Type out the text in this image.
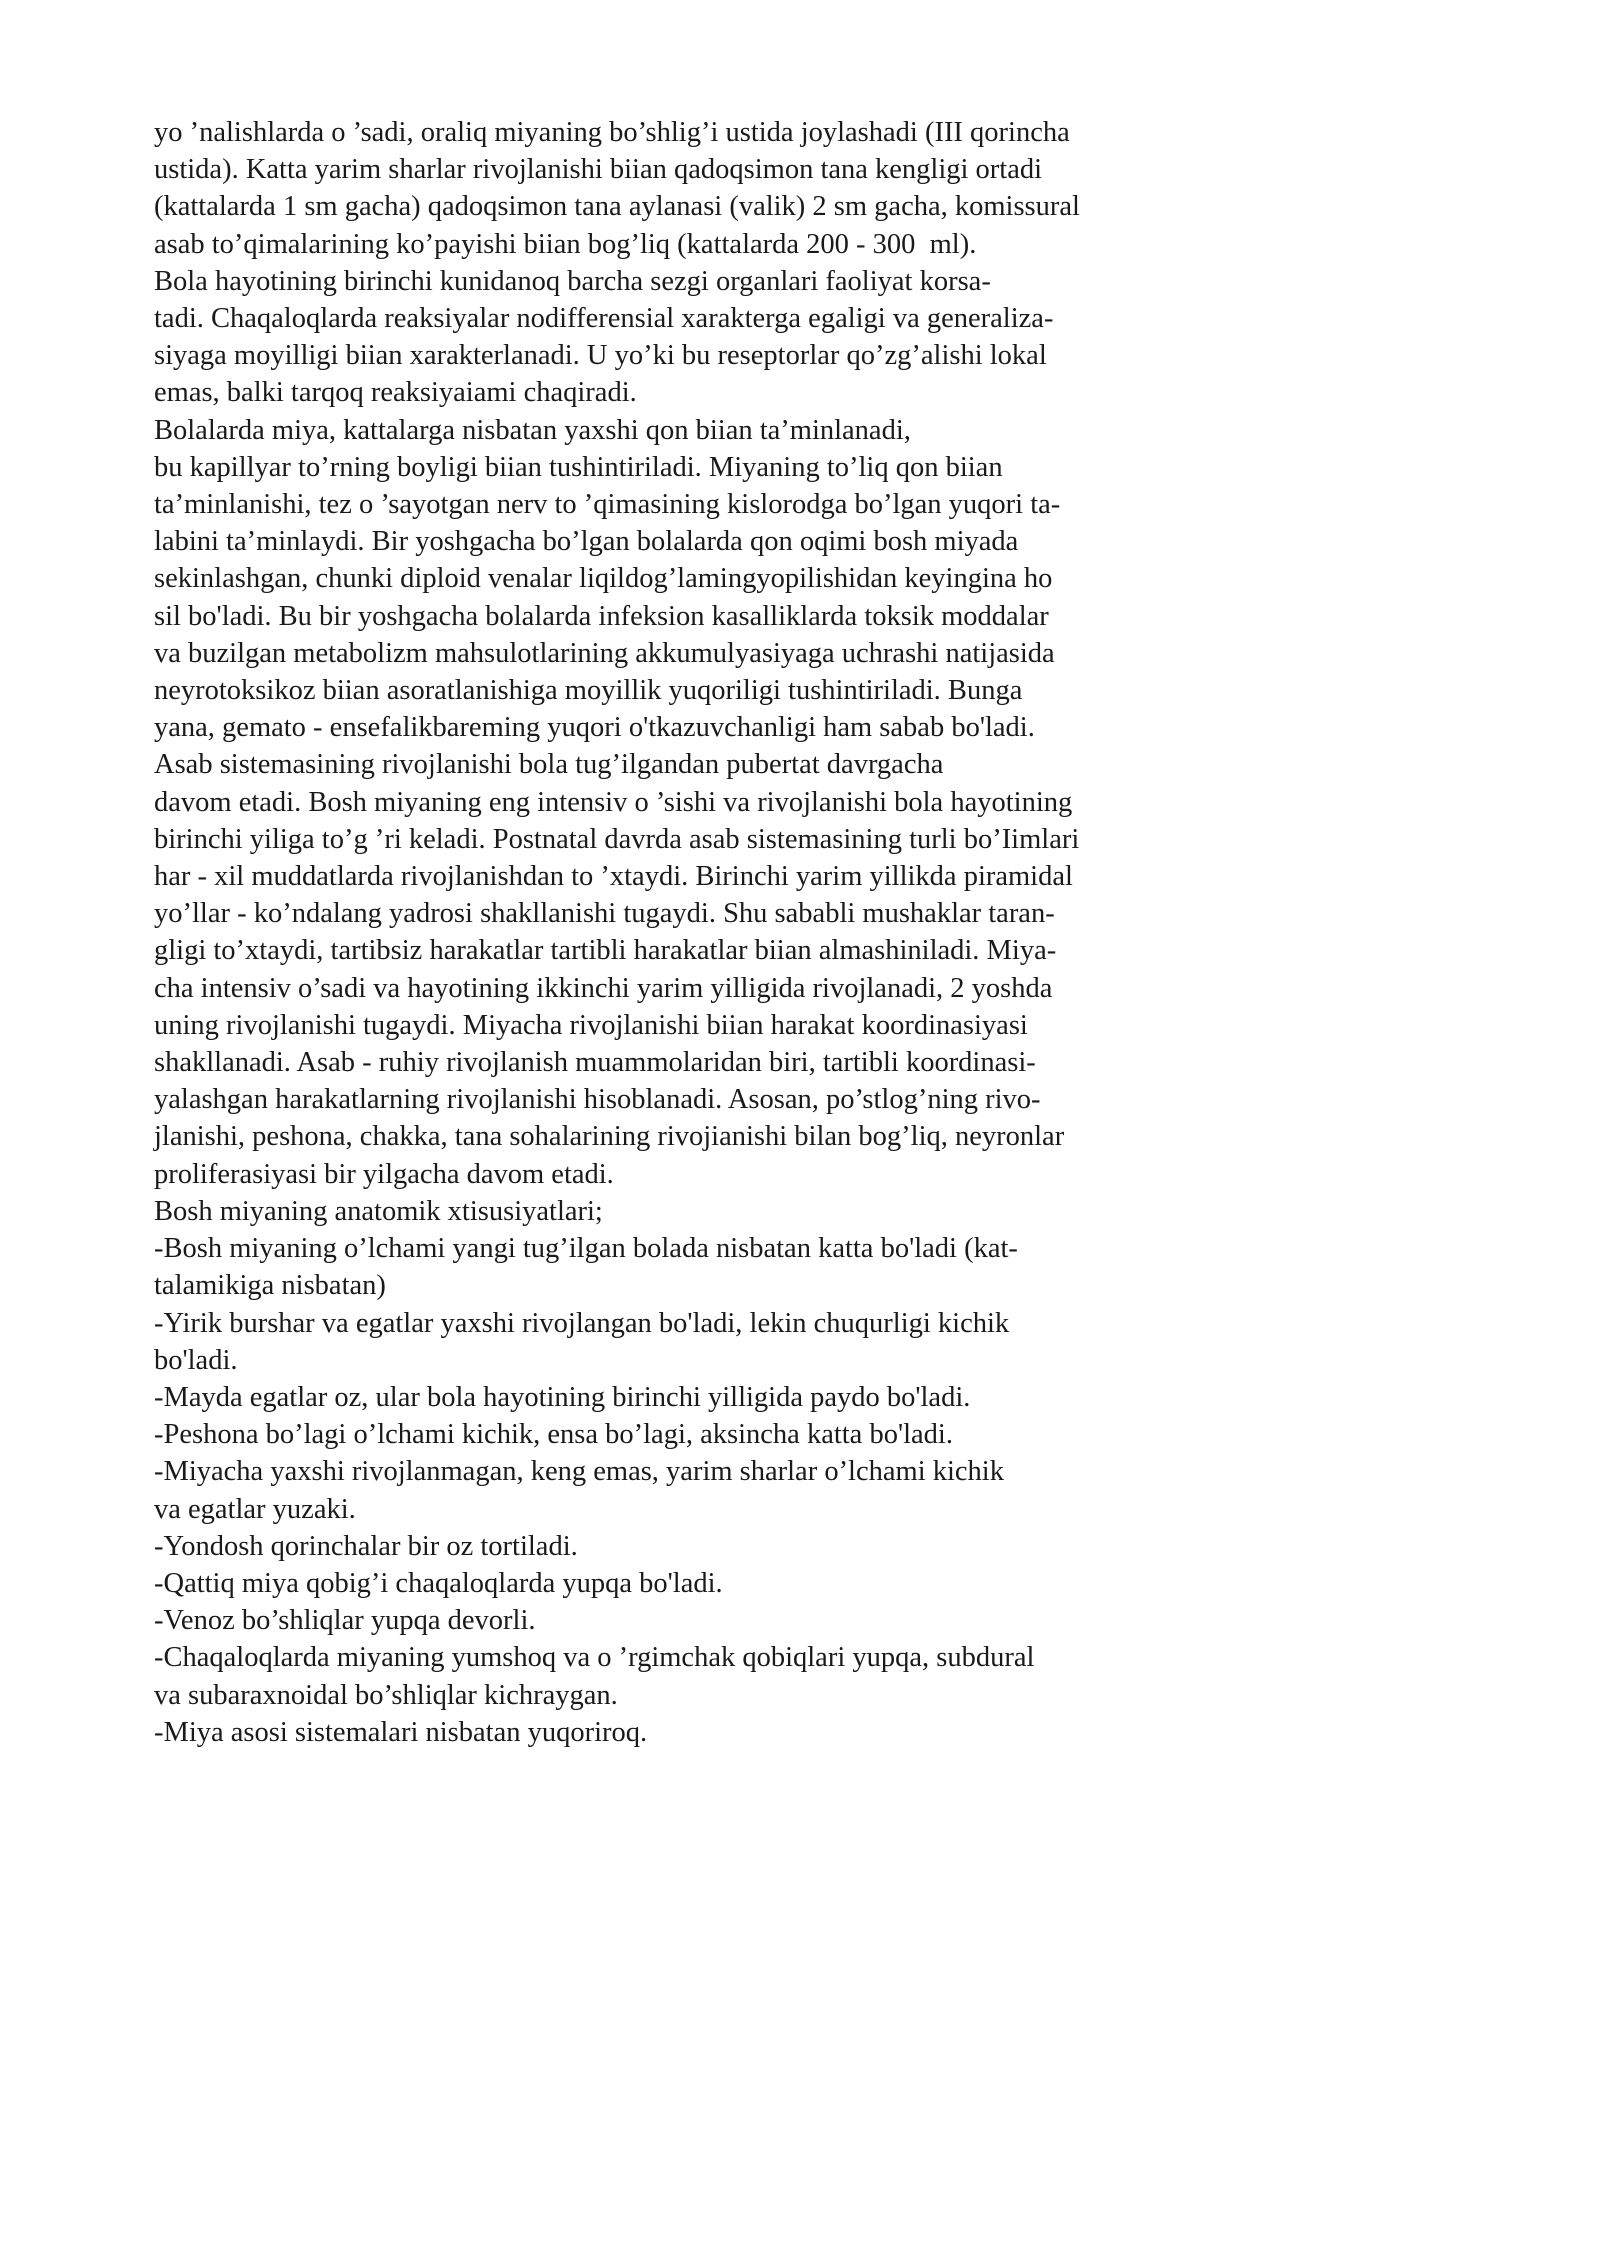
yo ’nalishlarda o ’sadi, oraliq miyaning bo’shlig’i ustida joylashadi (III qorincha
ustida). Katta yarim sharlar rivojlanishi biian qadoqsimon tana kengligi ortadi
(kattalarda 1 sm gacha) qadoqsimon tana aylanasi (valik) 2 sm gacha, komissural
asab to’qimalarining ko’payishi biian bog’liq (kattalarda 200 - 300  ml).
Bola hayotining birinchi kunidanoq barcha sezgi organlari faoliyat korsa-
tadi. Chaqaloqlarda reaksiyalar nodifferensial xarakterga egaligi va generaliza-
siyaga moyilligi biian xarakterlanadi. U yo’ki bu reseptorlar qo’zg’alishi lokal
emas, balki tarqoq reaksiyaiami chaqiradi.
Bolalarda miya, kattalarga nisbatan yaxshi qon biian ta’minlanadi,
bu kapillyar to’rning boyligi biian tushintiriladi. Miyaning to’liq qon biian
ta’minlanishi, tez o ’sayotgan nerv to ’qimasining kislorodga bo’lgan yuqori ta-
labini ta’minlaydi. Bir yoshgacha bo’lgan bolalarda qon oqimi bosh miyada
sekinlashgan, chunki diploid venalar liqildog’lamingyopilishidan keyingina ho
sil bo'ladi. Bu bir yoshgacha bolalarda infeksion kasalliklarda toksik moddalar
va buzilgan metabolizm mahsulotlarining akkumulyasiyaga uchrashi natijasida
neyrotoksikoz biian asoratlanishiga moyillik yuqoriligi tushintiriladi. Bunga
yana, gemato - ensefalikbareming yuqori o'tkazuvchanligi ham sabab bo'ladi.
Asab sistemasining rivojlanishi bola tug’ilgandan pubertat davrgacha
davom etadi. Bosh miyaning eng intensiv o ’sishi va rivojlanishi bola hayotining
birinchi yiliga to’g ’ri keladi. Postnatal davrda asab sistemasining turli bo’Iimlari
har - xil muddatlarda rivojlanishdan to ’xtaydi. Birinchi yarim yillikda piramidal
yo’llar - ko’ndalang yadrosi shakllanishi tugaydi. Shu sababli mushaklar taran-
gligi to’xtaydi, tartibsiz harakatlar tartibli harakatlar biian almashiniladi. Miya-
cha intensiv o’sadi va hayotining ikkinchi yarim yilligida rivojlanadi, 2 yoshda
uning rivojlanishi tugaydi. Miyacha rivojlanishi biian harakat koordinasiyasi
shakllanadi. Asab - ruhiy rivojlanish muammolaridan biri, tartibli koordinasi-
yalashgan harakatlarning rivojlanishi hisoblanadi. Asosan, po’stlog’ning rivo-
jlanishi, peshona, chakka, tana sohalarining rivojianishi bilan bog’liq, neyronlar
proliferasiyasi bir yilgacha davom etadi.
Bosh miyaning anatomik xtisusiyatlari;
-Bosh miyaning o’lchami yangi tug’ilgan bolada nisbatan katta bo'ladi (kat-
talamikiga nisbatan)
-Yirik burshar va egatlar yaxshi rivojlangan bo'ladi, lekin chuqurligi kichik
bo'ladi.
-Mayda egatlar oz, ular bola hayotining birinchi yilligida paydo bo'ladi.
-Peshona bo’lagi o’lchami kichik, ensa bo’lagi, aksincha katta bo'ladi.
-Miyacha yaxshi rivojlanmagan, keng emas, yarim sharlar o’lchami kichik
va egatlar yuzaki.
-Yondosh qorinchalar bir oz tortiladi.
-Qattiq miya qobig’i chaqaloqlarda yupqa bo'ladi.
-Venoz bo’shliqlar yupqa devorli.
-Chaqaloqlarda miyaning yumshoq va o ’rgimchak qobiqlari yupqa, subdural
va subaraxnoidal bo’shliqlar kichraygan.
-Miya asosi sistemalari nisbatan yuqoriroq.
